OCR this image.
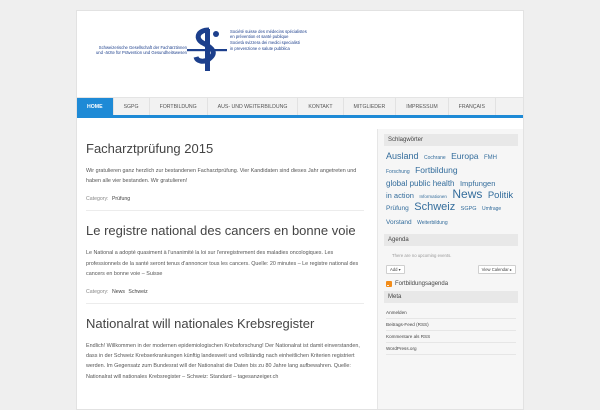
Schweizerische Gesellschaft der Fachärztinnen
und -ärzte für Prävention und Gesundheitswesen
Société suisse des médecins spécialistes
en prévention et santé publique
Società svizzera dei medici specialisti
in prevenzione e salute pubblica
HOME	SGPG	FORTBILDUNG	AUS- UND WEITERBILDUNG	KONTAKT	MITGLIEDER	IMPRESSUM	FRANÇAIS
Facharztprüfung 2015
Wir gratulieren ganz herzlich zur bestandenen Facharztprüfung. Vier Kandidaten sind dieses Jahr angetreten und haben alle vier bestanden. Wir gratulieren!
Category: Prüfung
Le registre national des cancers en bonne voie
Le National a adopté quasiment à l'unanimité la loi sur l'enregistrement des maladies oncologiques. Les professionnels de la santé seront tenus d'annoncer tous les cancers. Quelle: 20 minutes – Le registre national des cancers en bonne voie – Suisse
Category: News Schweiz
Nationalrat will nationales Krebsregister
Endlich! Willkommen in der modernen epidemiologischen Krebsforschung! Der Nationalrat ist damit einverstanden, dass in der Schweiz Krebserkrankungen künftig landesweit und vollständig nach einheitlichen Kriterien registriert werden. Im Gegensatz zum Bundesrat will der Nationalrat die Daten bis zu 80 Jahre lang aufbewahren. Quelle: Nationalrat will nationales Krebsregister – Schweiz: Standard – tagesanzeiger.ch
Schlagwörter
Ausland Cochrane Europa FMH Forschung Fortbildung global public health Impfungen in action Informationen News Politik Prüfung Schweiz SGPG Umfrage Vorstand Weiterbildung
Agenda
There are no upcoming events.
Add ▾	View Calendar ▸
Fortbildungsagenda
Meta
Anmelden
Beitrags-Feed (RSS)
Kommentare als RSS
WordPress.org
